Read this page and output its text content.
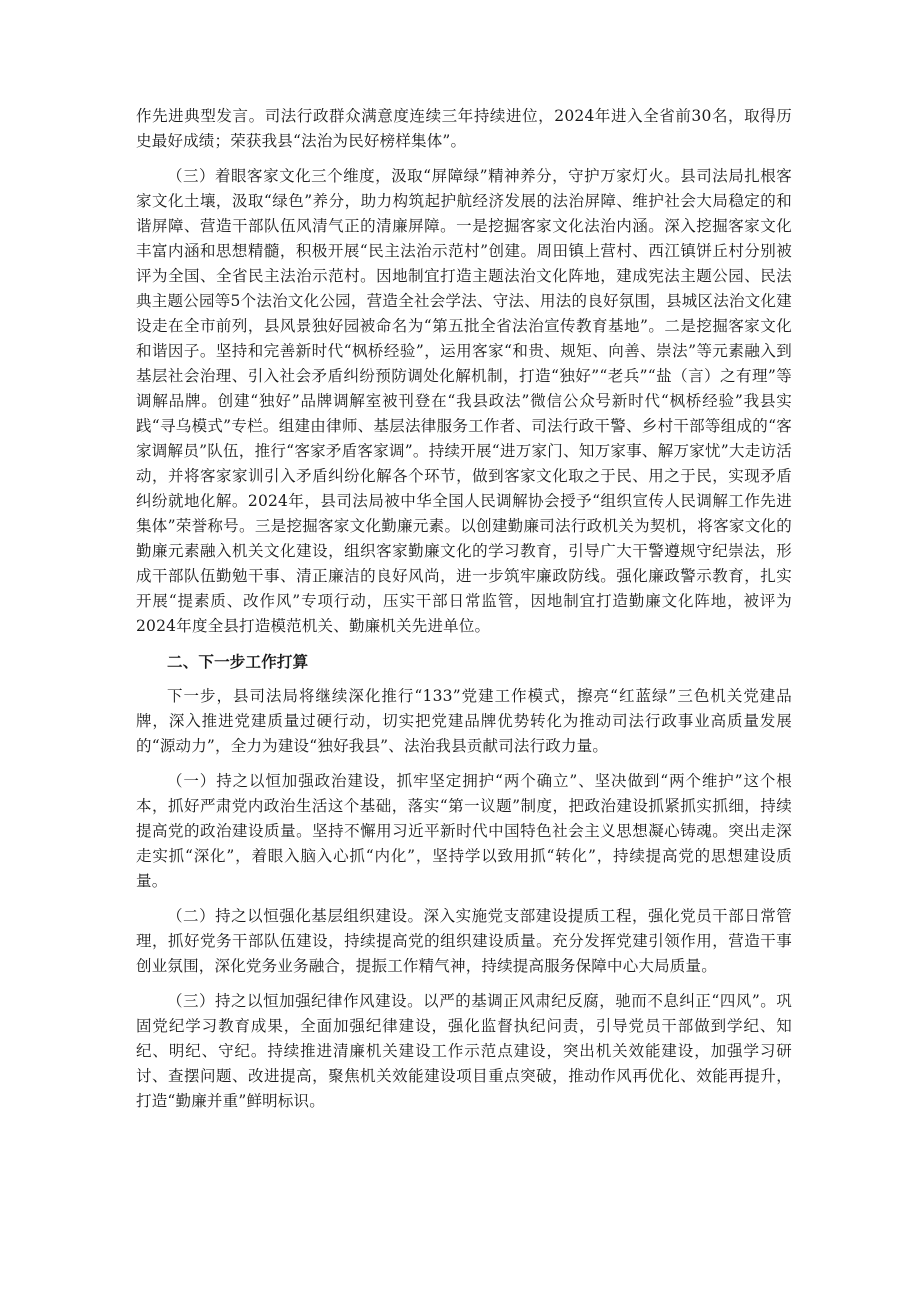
作先进典型发言。司法行政群众满意度连续三年持续进位，2024年进入全省前30名，取得历史最好成绩；荣获我县“法治为民好榜样集体”。

（三）着眼客家文化三个维度，汲取“屏障绿”精神养分，守护万家灯火。县司法局扎根客家文化土壤，汲取“绿色”养分，助力构筑起护航经济发展的法治屏障、维护社会大局稳定的和谐屏障、营造干部队伍风清气正的清廉屏障。一是挖掘客家文化法治内涵。深入挖掘客家文化丰富内涵和思想精髓，积极开展“民主法治示范村”创建。周田镇上营村、西江镇饼丘村分别被评为全国、全省民主法治示范村。因地制宜打造主题法治文化阵地，建成宪法主题公园、民法典主题公园等5个法治文化公园，营造全社会学法、守法、用法的良好氛围，县城区法治文化建设走在全市前列，县风景独好园被命名为“第五批全省法治宣传教育基地”。二是挖掘客家文化和谐因子。坚持和完善新时代“枫桥经验”，运用客家“和贵、规矩、向善、崇法”等元素融入到基层社会治理、引入社会矛盾纠纷预防调处化解机制，打造“独好”“老兵”“盐（言）之有理”等调解品牌。创建“独好”品牌调解室被刊登在“我县政法”微信公众号新时代“枫桥经验”我县实践“寻乌模式”专栏。组建由律师、基层法律服务工作者、司法行政干警、乡村干部等组成的“客家调解员”队伍，推行“客家矛盾客家调”。持续开展“进万家门、知万家事、解万家忧”大走访活动，并将客家家训引入矛盾纠纷化解各个环节，做到客家文化取之于民、用之于民，实现矛盾纠纷就地化解。2024年，县司法局被中华全国人民调解协会授予“组织宣传人民调解工作先进集体”荣誉称号。三是挖掘客家文化勤廉元素。以创建勤廉司法行政机关为契机，将客家文化的勤廉元素融入机关文化建设，组织客家勤廉文化的学习教育，引导广大干警遵规守纪崇法，形成干部队伍勤勉干事、清正廉洁的良好风尚，进一步筑牢廉政防线。强化廉政警示教育，扎实开展“提素质、改作风”专项行动，压实干部日常监管，因地制宜打造勤廉文化阵地，被评为2024年度全县打造模范机关、勤廉机关先进单位。

二、下一步工作打算

下一步，县司法局将继续深化推行“133”党建工作模式，擦亮“红蓝绿”三色机关党建品牌，深入推进党建质量过硬行动，切实把党建品牌优势转化为推动司法行政事业高质量发展的“源动力”，全力为建设“独好我县”、法治我县贡献司法行政力量。

（一）持之以恒加强政治建设，抓牢坚定拥护“两个确立”、坚决做到“两个维护”这个根本，抓好严肃党内政治生活这个基础，落实“第一议题”制度，把政治建设抓紧抓实抓细，持续提高党的政治建设质量。坚持不懈用习近平新时代中国特色社会主义思想凝心铸魂。突出走深走实抓“深化”，着眼入脑入心抓“内化”，坚持学以致用抓“转化”，持续提高党的思想建设质量。

（二）持之以恒强化基层组织建设。深入实施党支部建设提质工程，强化党员干部日常管理，抓好党务干部队伍建设，持续提高党的组织建设质量。充分发挥党建引领作用，营造干事创业氛围，深化党务业务融合，提振工作精气神，持续提高服务保障中心大局质量。

（三）持之以恒加强纪律作风建设。以严的基调正风肃纪反腐，驰而不息纠正“四风”。巩固党纪学习教育成果，全面加强纪律建设，强化监督执纪问责，引导党员干部做到学纪、知纪、明纪、守纪。持续推进清廉机关建设工作示范点建设，突出机关效能建设，加强学习研讨、查摆问题、改进提高，聚焦机关效能建设项目重点突破，推动作风再优化、效能再提升，打造“勤廉并重”鲜明标识。
